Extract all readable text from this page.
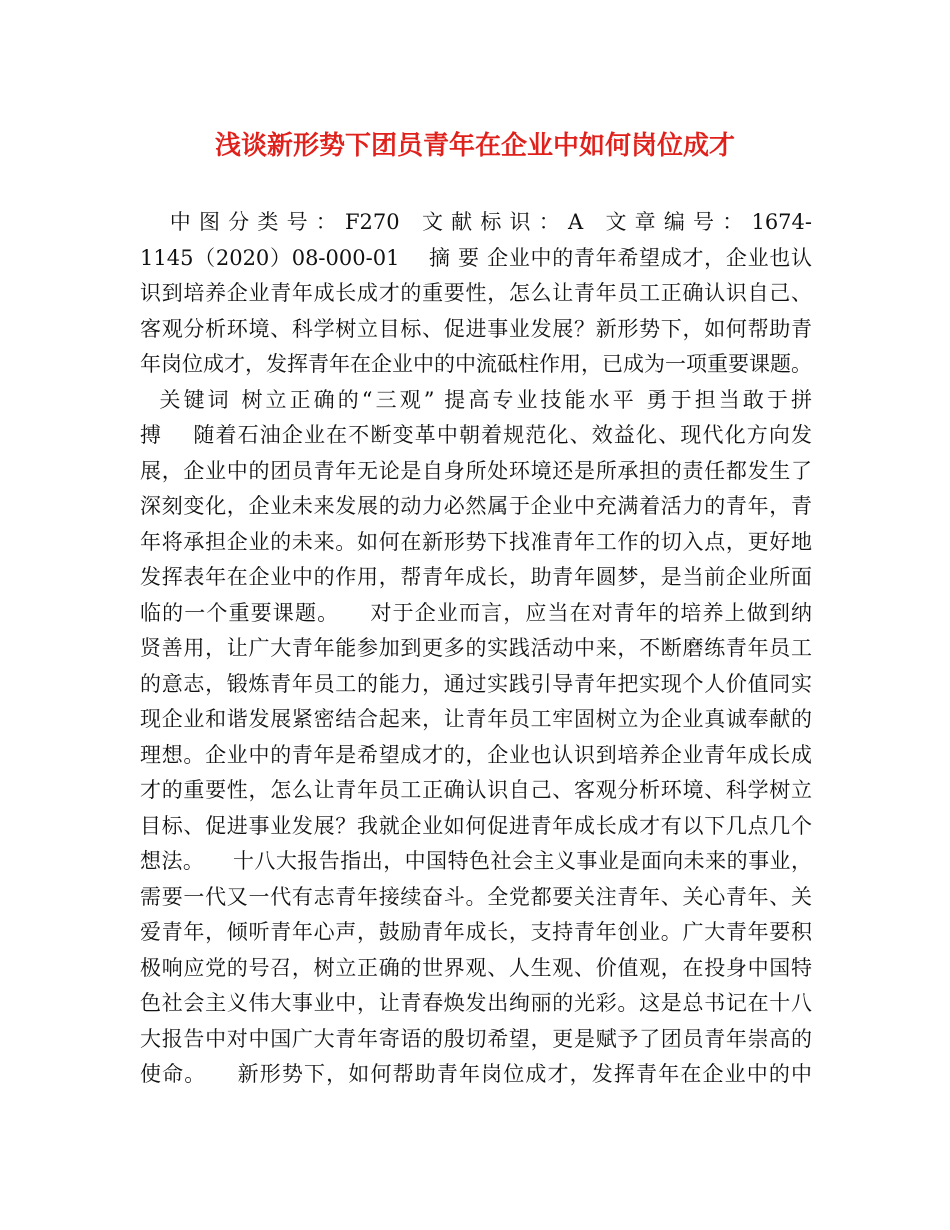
浅谈新形势下团员青年在企业中如何岗位成才
中 图 分 类 号 ： F270   文 献 标 识 ： A   文 章 编 号 ： 1674-
1145（2020）08-000-01    摘 要 企业中的青年希望成才，企业也认
识到培养企业青年成长成才的重要性，怎么让青年员工正确认识自己、
客观分析环境、科学树立目标、促进事业发展？新形势下，如何帮助青
年岗位成才，发挥青年在企业中的中流砥柱作用，已成为一项重要课题。
关键词 树立正确的“三观” 提高专业技能水平 勇于担当敢于拼
搏    随着石油企业在不断变革中朝着规范化、效益化、现代化方向发
展，企业中的团员青年无论是自身所处环境还是所承担的责任都发生了
深刻变化，企业未来发展的动力必然属于企业中充满着活力的青年，青
年将承担企业的未来。如何在新形势下找准青年工作的切入点，更好地
发挥表年在企业中的作用，帮青年成长，助青年圆梦，是当前企业所面
临的一个重要课题。    对于企业而言，应当在对青年的培养上做到纳
贤善用，让广大青年能参加到更多的实践活动中来，不断磨练青年员工
的意志，锻炼青年员工的能力，通过实践引导青年把实现个人价值同实
现企业和谐发展紧密结合起来，让青年员工牢固树立为企业真诚奉献的
理想。企业中的青年是希望成才的，企业也认识到培养企业青年成长成
才的重要性，怎么让青年员工正确认识自己、客观分析环境、科学树立
目标、促进事业发展？我就企业如何促进青年成长成才有以下几点几个
想法。    十八大报告指出，中国特色社会主义事业是面向未来的事业，
需要一代又一代有志青年接续奋斗。全党都要关注青年、关心青年、关
爱青年，倾听青年心声，鼓励青年成长，支持青年创业。广大青年要积
极响应党的号召，树立正确的世界观、人生观、价值观，在投身中国特
色社会主义伟大事业中，让青春焕发出绚丽的光彩。这是总书记在十八
大报告中对中国广大青年寄语的殷切希望，更是赋予了团员青年崇高的
使命。    新形势下，如何帮助青年岗位成才，发挥青年在企业中的中
